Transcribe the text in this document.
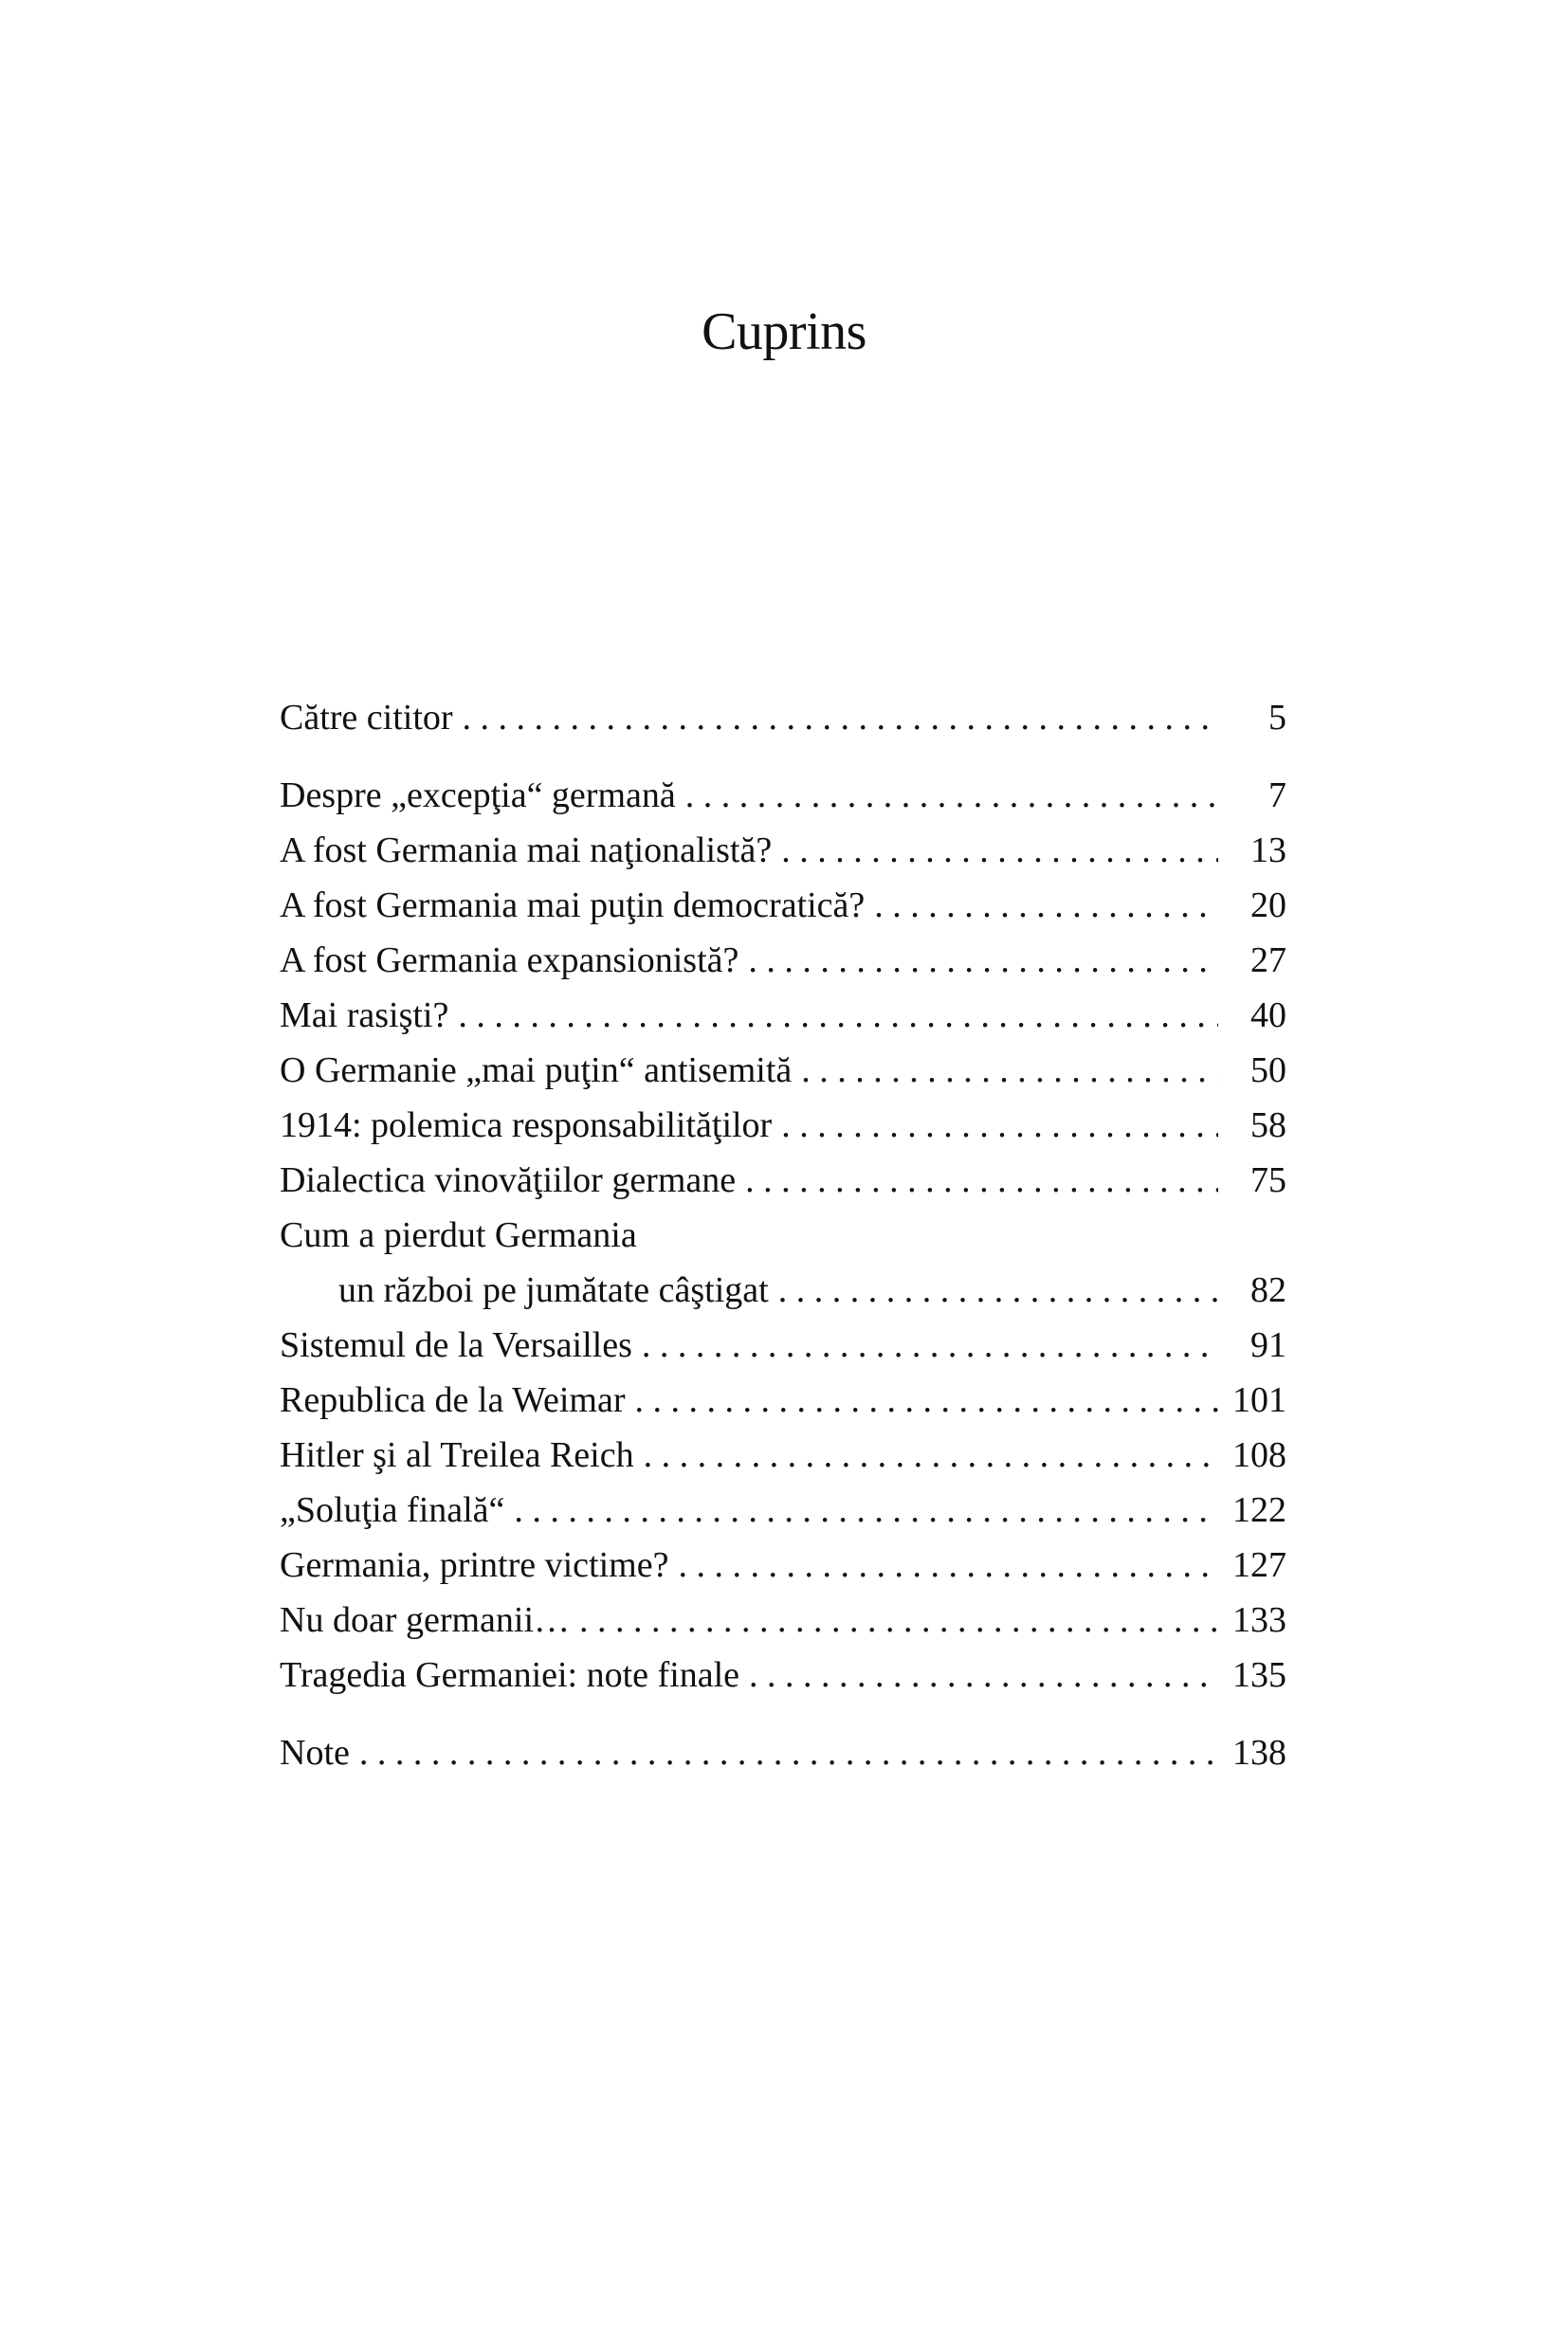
Cuprins
Către cititor . . .	5
Despre „excepţia“ germană . . .	7
A fost Germania mai naţionalistă? . . .	13
A fost Germania mai puţin democratică? . . .	20
A fost Germania expansionistă? . . .	27
Mai rasişti? . . .	40
O Germanie „mai puţin“ antisemită . . .	50
1914: polemica responsabilităţilor . . .	58
Dialectica vinovăţiilor germane . . .	75
Cum a pierdut Germania
un război pe jumătate câştigat . . .	82
Sistemul de la Versailles . . .	91
Republica de la Weimar . . .	101
Hitler şi al Treilea Reich . . .	108
„Soluţia finală“ . . .	122
Germania, printre victime? . . .	127
Nu doar germanii… . . .	133
Tragedia Germaniei: note finale . . .	135
Note . . .	138
